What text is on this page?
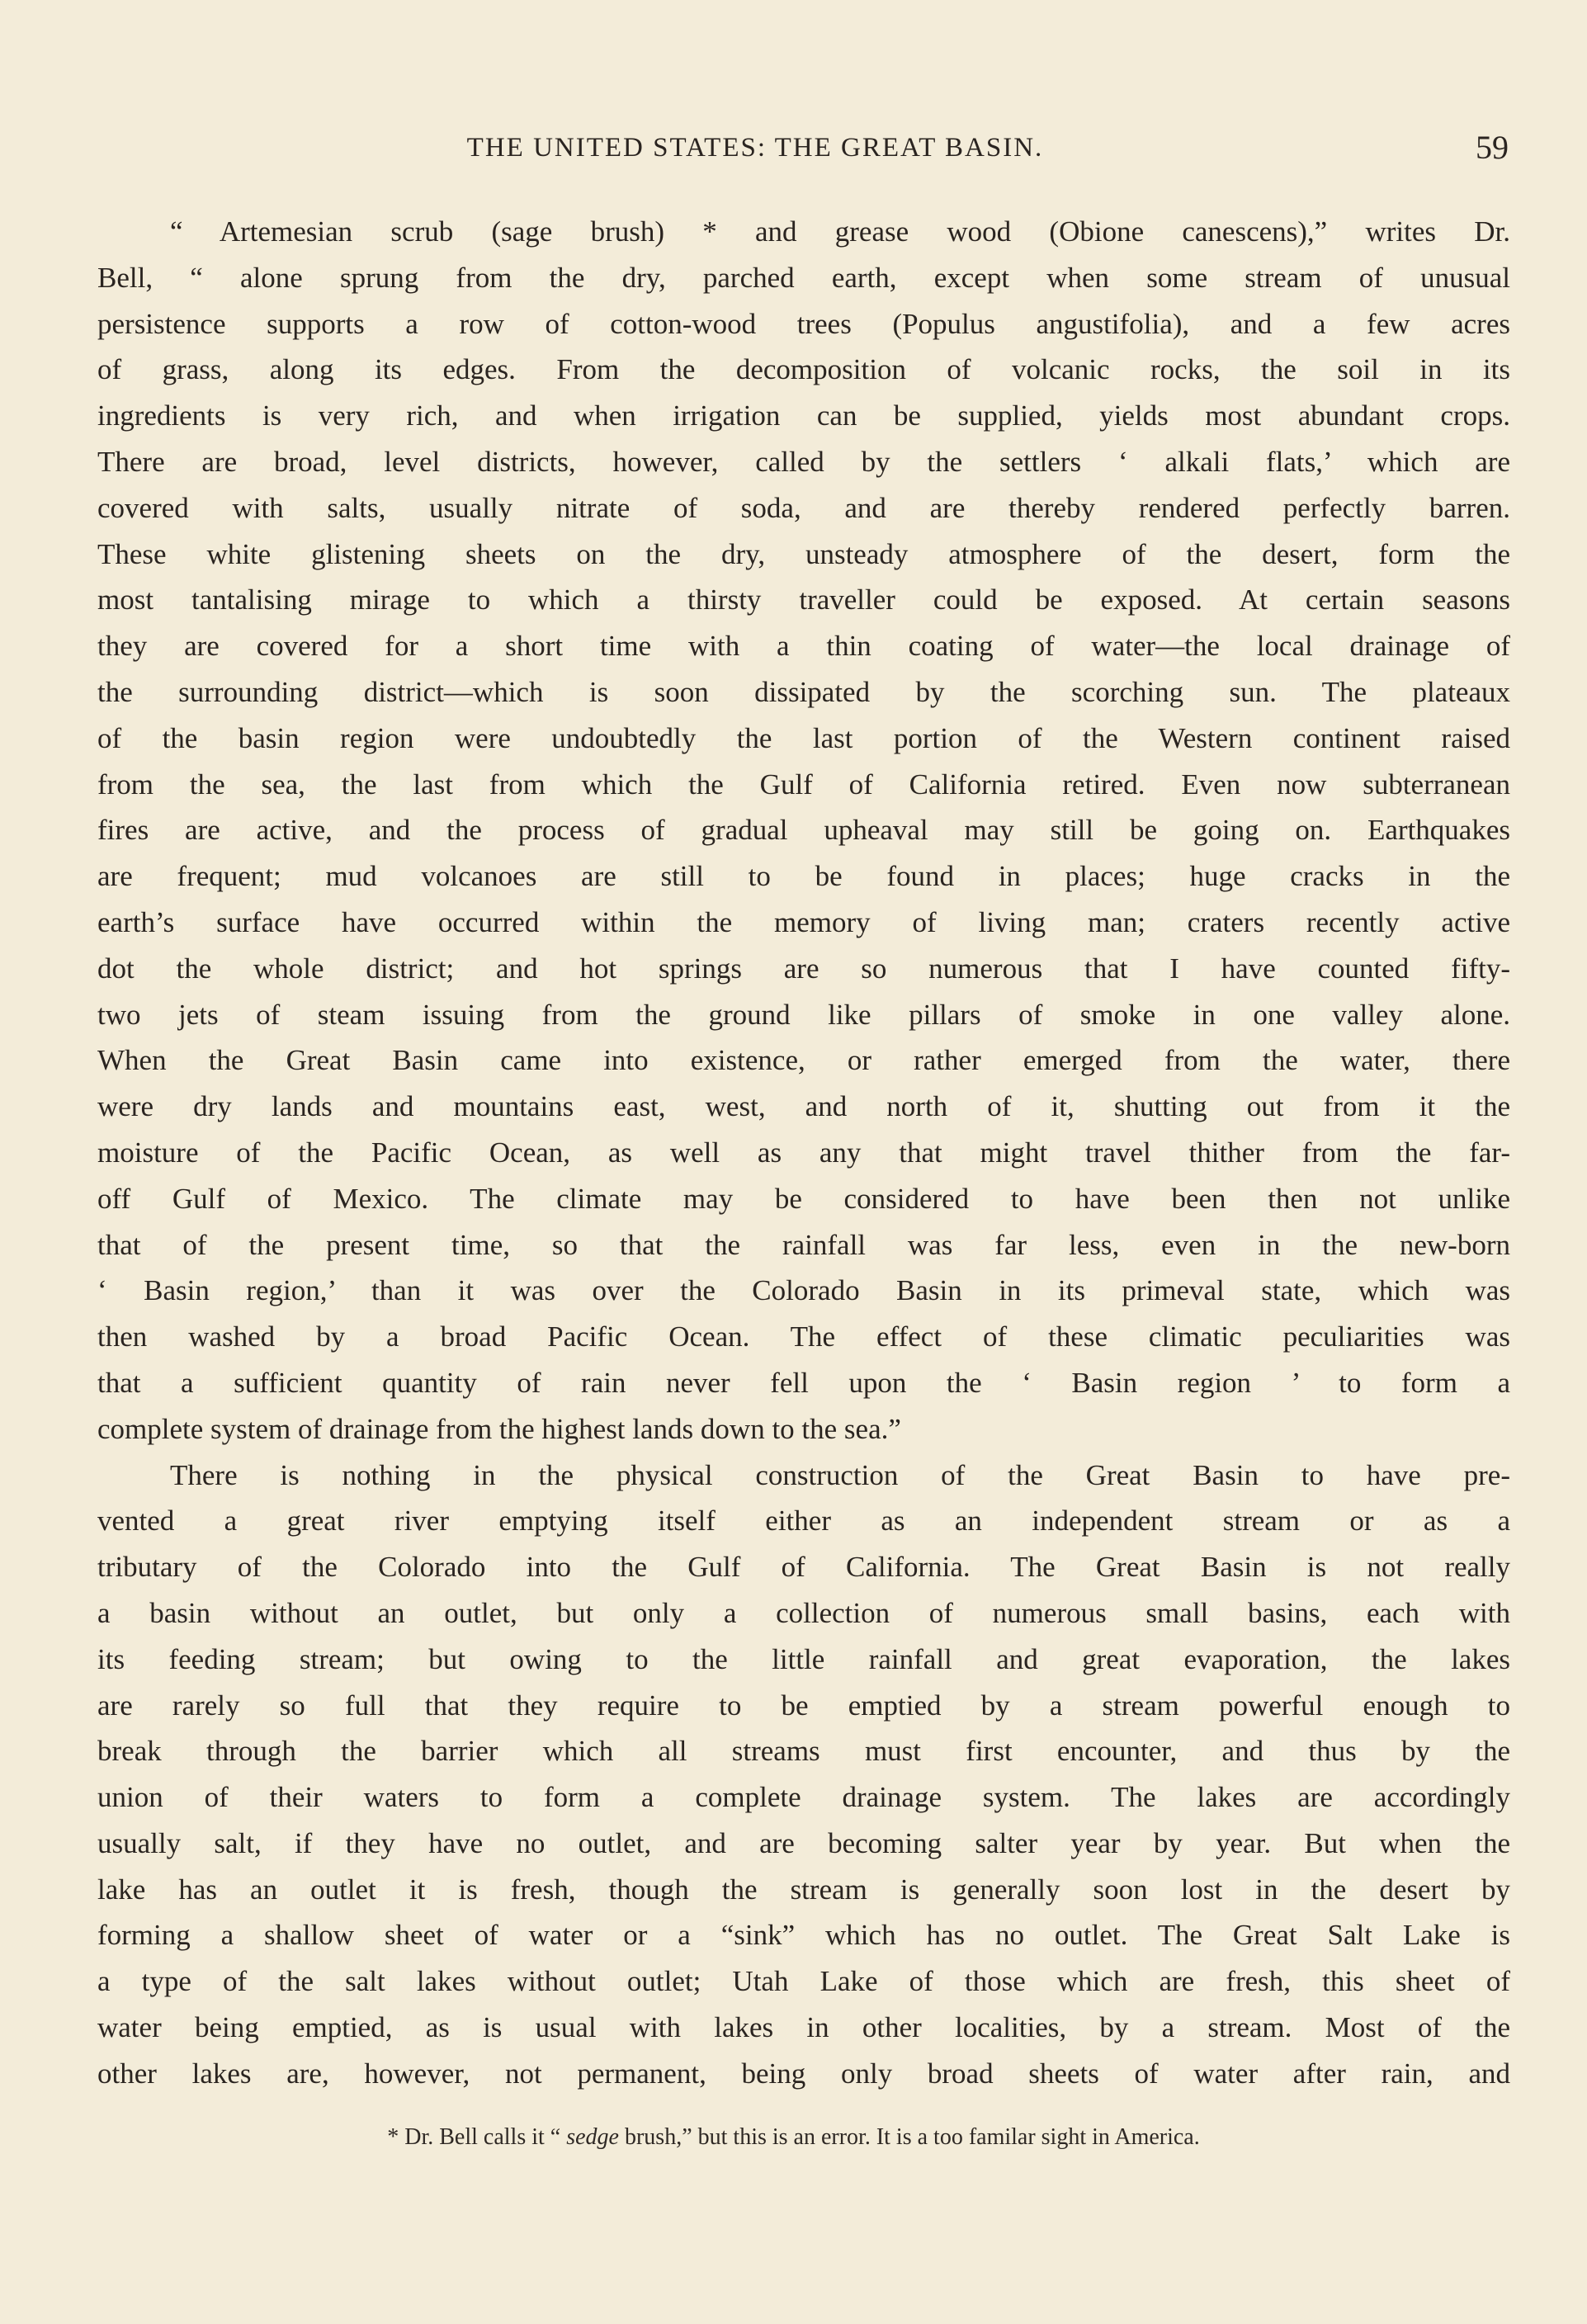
THE UNITED STATES: THE GREAT BASIN.	59
“ Artemesian scrub (sage brush) * and grease wood (Obione canescens),” writes Dr.
Bell, “ alone sprung from the dry, parched earth, except when some stream of unusual
persistence supports a row of cotton-wood trees (Populus angustifolia), and a few acres
of grass, along its edges. From the decomposition of volcanic rocks, the soil in its
ingredients is very rich, and when irrigation can be supplied, yields most abundant crops.
There are broad, level districts, however, called by the settlers ‘ alkali flats,’ which are
covered with salts, usually nitrate of soda, and are thereby rendered perfectly barren.
These white glistening sheets on the dry, unsteady atmosphere of the desert, form the
most tantalising mirage to which a thirsty traveller could be exposed. At certain seasons
they are covered for a short time with a thin coating of water—the local drainage of
the surrounding district—which is soon dissipated by the scorching sun. The plateaux
of the basin region were undoubtedly the last portion of the Western continent raised
from the sea, the last from which the Gulf of California retired. Even now subterranean
fires are active, and the process of gradual upheaval may still be going on. Earthquakes
are frequent; mud volcanoes are still to be found in places; huge cracks in the
earth’s surface have occurred within the memory of living man; craters recently active
dot the whole district; and hot springs are so numerous that I have counted fifty-
two jets of steam issuing from the ground like pillars of smoke in one valley alone.
When the Great Basin came into existence, or rather emerged from the water, there
were dry lands and mountains east, west, and north of it, shutting out from it the
moisture of the Pacific Ocean, as well as any that might travel thither from the far-
off Gulf of Mexico. The climate may be considered to have been then not unlike
that of the present time, so that the rainfall was far less, even in the new-born
‘ Basin region,’ than it was over the Colorado Basin in its primeval state, which was
then washed by a broad Pacific Ocean. The effect of these climatic peculiarities was
that a sufficient quantity of rain never fell upon the ‘ Basin region ’ to form a
complete system of drainage from the highest lands down to the sea.”
There is nothing in the physical construction of the Great Basin to have pre-
vented a great river emptying itself either as an independent stream or as a
tributary of the Colorado into the Gulf of California. The Great Basin is not really
a basin without an outlet, but only a collection of numerous small basins, each with
its feeding stream; but owing to the little rainfall and great evaporation, the lakes
are rarely so full that they require to be emptied by a stream powerful enough to
break through the barrier which all streams must first encounter, and thus by the
union of their waters to form a complete drainage system. The lakes are accordingly
usually salt, if they have no outlet, and are becoming salter year by year. But when the
lake has an outlet it is fresh, though the stream is generally soon lost in the desert by
forming a shallow sheet of water or a “sink” which has no outlet. The Great Salt Lake is
a type of the salt lakes without outlet; Utah Lake of those which are fresh, this sheet of
water being emptied, as is usual with lakes in other localities, by a stream. Most of the
other lakes are, however, not permanent, being only broad sheets of water after rain, and
* Dr. Bell calls it “ sedge brush,” but this is an error. It is a too familar sight in America.
